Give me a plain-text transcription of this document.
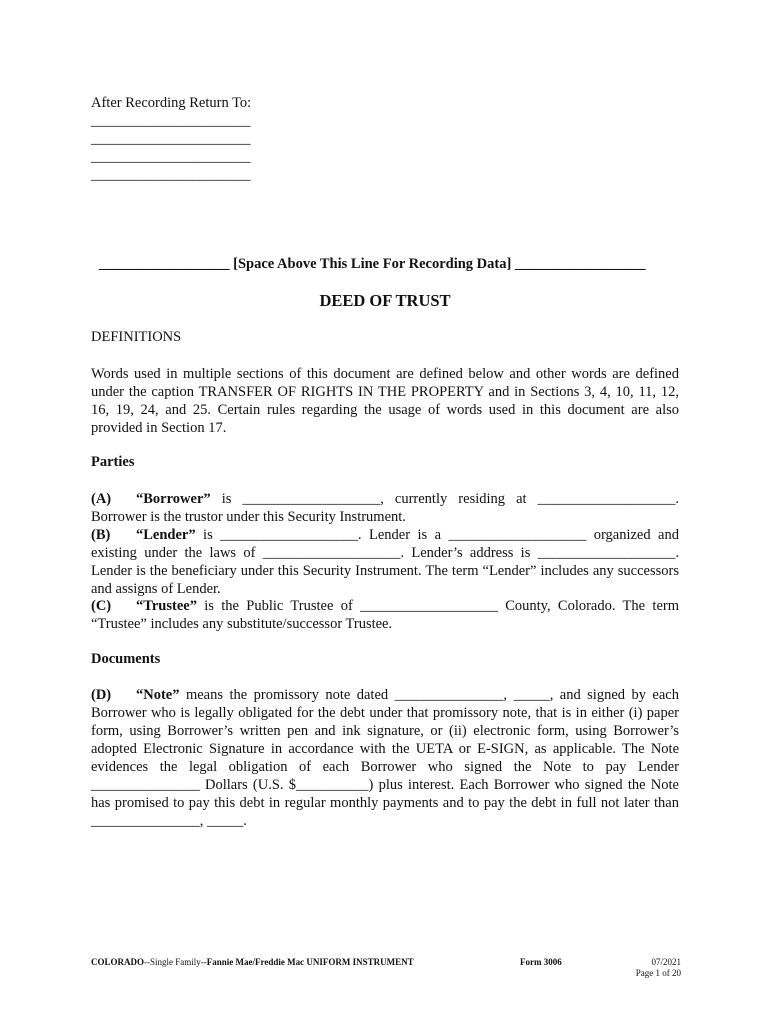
After Recording Return To:
______________________
______________________
______________________
______________________
__________________ [Space Above This Line For Recording Data] __________________
DEED OF TRUST
DEFINITIONS
Words used in multiple sections of this document are defined below and other words are defined under the caption TRANSFER OF RIGHTS IN THE PROPERTY and in Sections 3, 4, 10, 11, 12, 16, 19, 24, and 25. Certain rules regarding the usage of words used in this document are also provided in Section 17.
Parties
(A) “Borrower” is ___________________, currently residing at ___________________. Borrower is the trustor under this Security Instrument.
(B) “Lender” is ___________________. Lender is a ___________________ organized and existing under the laws of ___________________. Lender’s address is ___________________. Lender is the beneficiary under this Security Instrument. The term “Lender” includes any successors and assigns of Lender.
(C) “Trustee” is the Public Trustee of ___________________ County, Colorado. The term “Trustee” includes any substitute/successor Trustee.
Documents
(D) “Note” means the promissory note dated _______________, _____, and signed by each Borrower who is legally obligated for the debt under that promissory note, that is in either (i) paper form, using Borrower’s written pen and ink signature, or (ii) electronic form, using Borrower’s adopted Electronic Signature in accordance with the UETA or E-SIGN, as applicable. The Note evidences the legal obligation of each Borrower who signed the Note to pay Lender _______________ Dollars (U.S. $__________) plus interest. Each Borrower who signed the Note has promised to pay this debt in regular monthly payments and to pay the debt in full not later than _______________, _____.
COLORADO--Single Family--Fannie Mae/Freddie Mac UNIFORM INSTRUMENT	Form 3006	07/2021
Page 1 of 20
